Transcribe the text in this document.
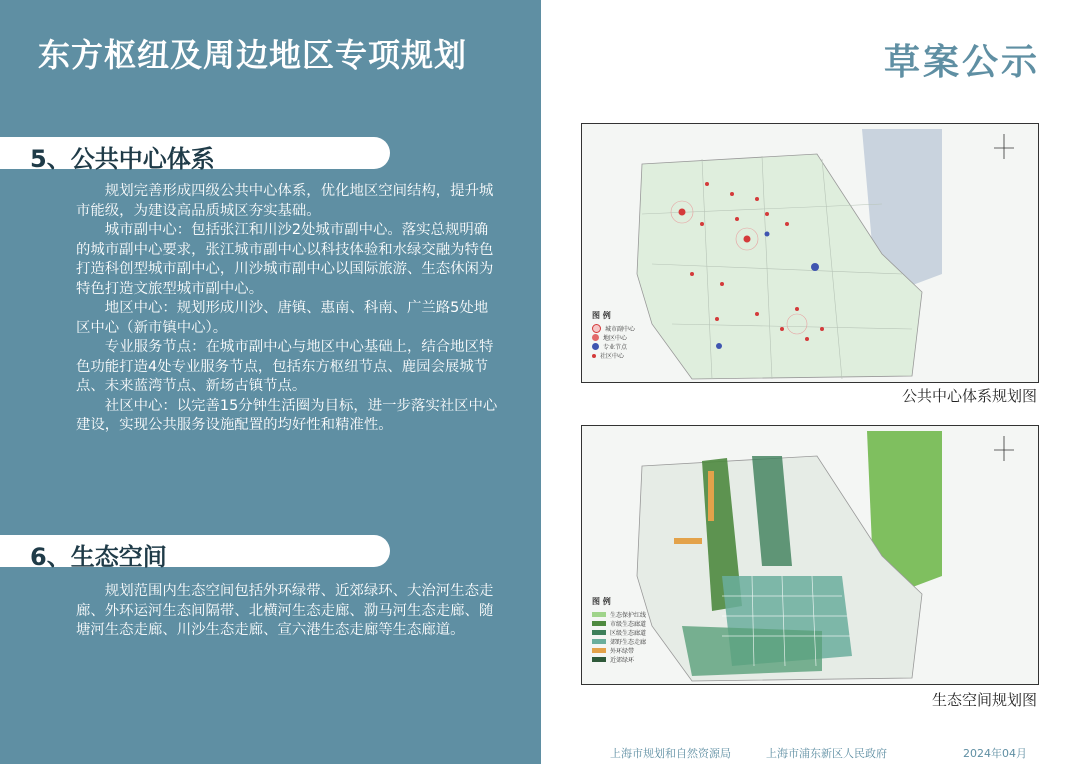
东方枢纽及周边地区专项规划
5、公共中心体系

规划完善形成四级公共中心体系，优化地区空间结构，提升城市能级，为建设高品质城区夯实基础。

城市副中心：包括张江和川沙2处城市副中心。落实总规明确的城市副中心要求，张江城市副中心以科技体验和水绿交融为特色打造科创型城市副中心，川沙城市副中心以国际旅游、生态休闲为特色打造文旅型城市副中心。

地区中心：规划形成川沙、唐镇、惠南、科南、广兰路5处地区中心（新市镇中心）。

专业服务节点：在城市副中心与地区中心基础上，结合地区特色功能打造4处专业服务节点，包括东方枢纽节点、鹿园会展城节点、未来蓝湾节点、新场古镇节点。

社区中心：以完善15分钟生活圈为目标，进一步落实社区中心建设，实现公共服务设施配置的均好性和精准性。

6、生态空间

规划范围内生态空间包括外环绿带、近郊绿环、大治河生态走廊、外环运河生态间隔带、北横河生态走廊、泐马河生态走廊、随塘河生态走廊、川沙生态走廊、宣六港生态走廊等生态廊道。

草案公示
图 例
城市副中心
地区中心
专业节点
社区中心
公共中心体系规划图
图 例
生态保护红线
市级生态廊道
区级生态廊道
郊野生态走廊
外环绿带
近郊绿环
生态空间规划图
上海市规划和自然资源局	上海市浦东新区人民政府	2024年04月
